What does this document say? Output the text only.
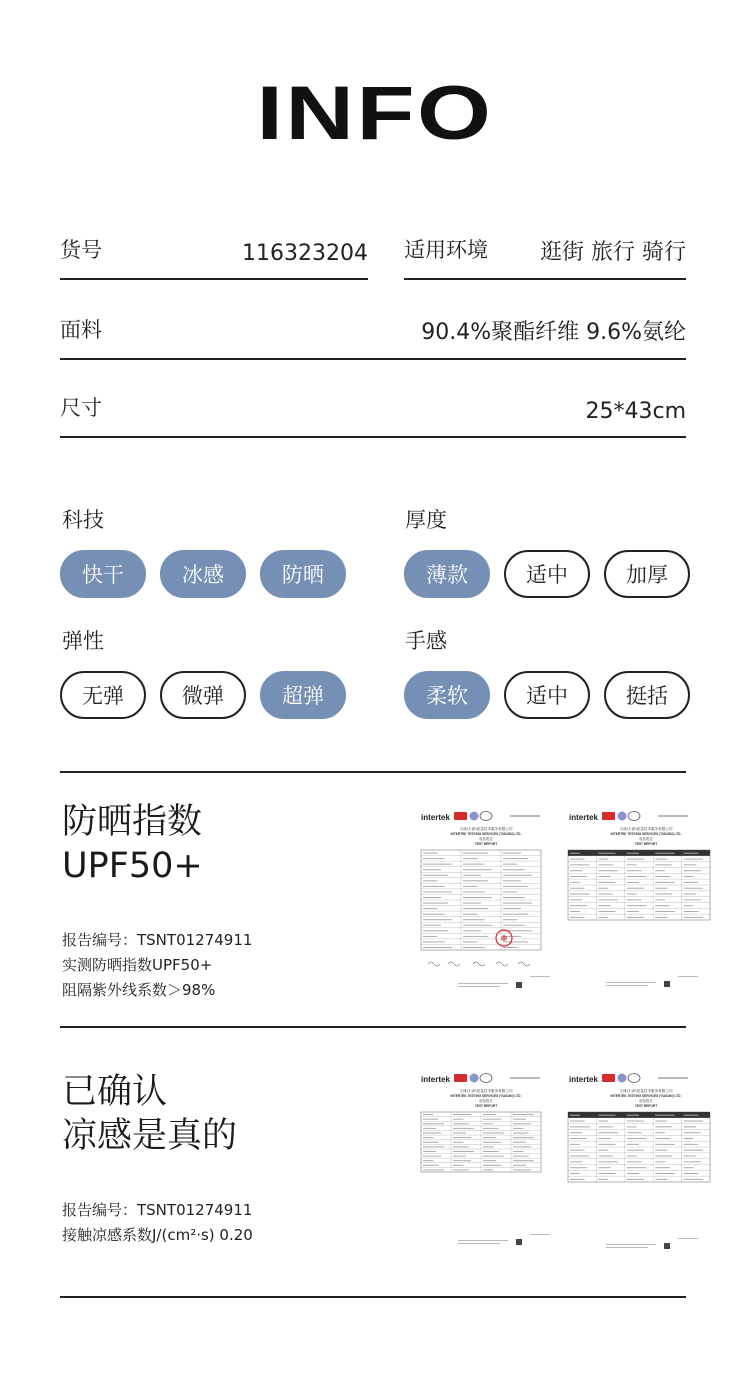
INFO
货号	116323204 适用环境 逛街 旅行 骑行
面料	90.4%聚酯纤维 9.6%氨纶
尺寸	25*43cm
科技
快干	冰感	防晒
厚度
薄款	适中	加厚
弹性
无弹	微弹	超弹
手感
柔软	适中	挺括
防晒指数
UPF50+
报告编号：TSNT01274911
实测防晒指数UPF50+
阻隔紫外线系数＞98%
intertek
天津(天津)质量技术服务有限公司
INTERTEK TESTING SERVICES (TIANJIN) LTD.
检验报告
TEST REPORT
intertek
天津(天津)质量技术服务有限公司
INTERTEK TESTING SERVICES (TIANJIN) LTD.
检验报告
TEST REPORT
已确认
凉感是真的
报告编号：TSNT01274911
接触凉感系数J/(cm²·s) 0.20
intertek
天津(天津)质量技术服务有限公司
INTERTEK TESTING SERVICES (TIANJIN) LTD.
检验报告
TEST REPORT
intertek
天津(天津)质量技术服务有限公司
INTERTEK TESTING SERVICES (TIANJIN) LTD.
检验报告
TEST REPORT
